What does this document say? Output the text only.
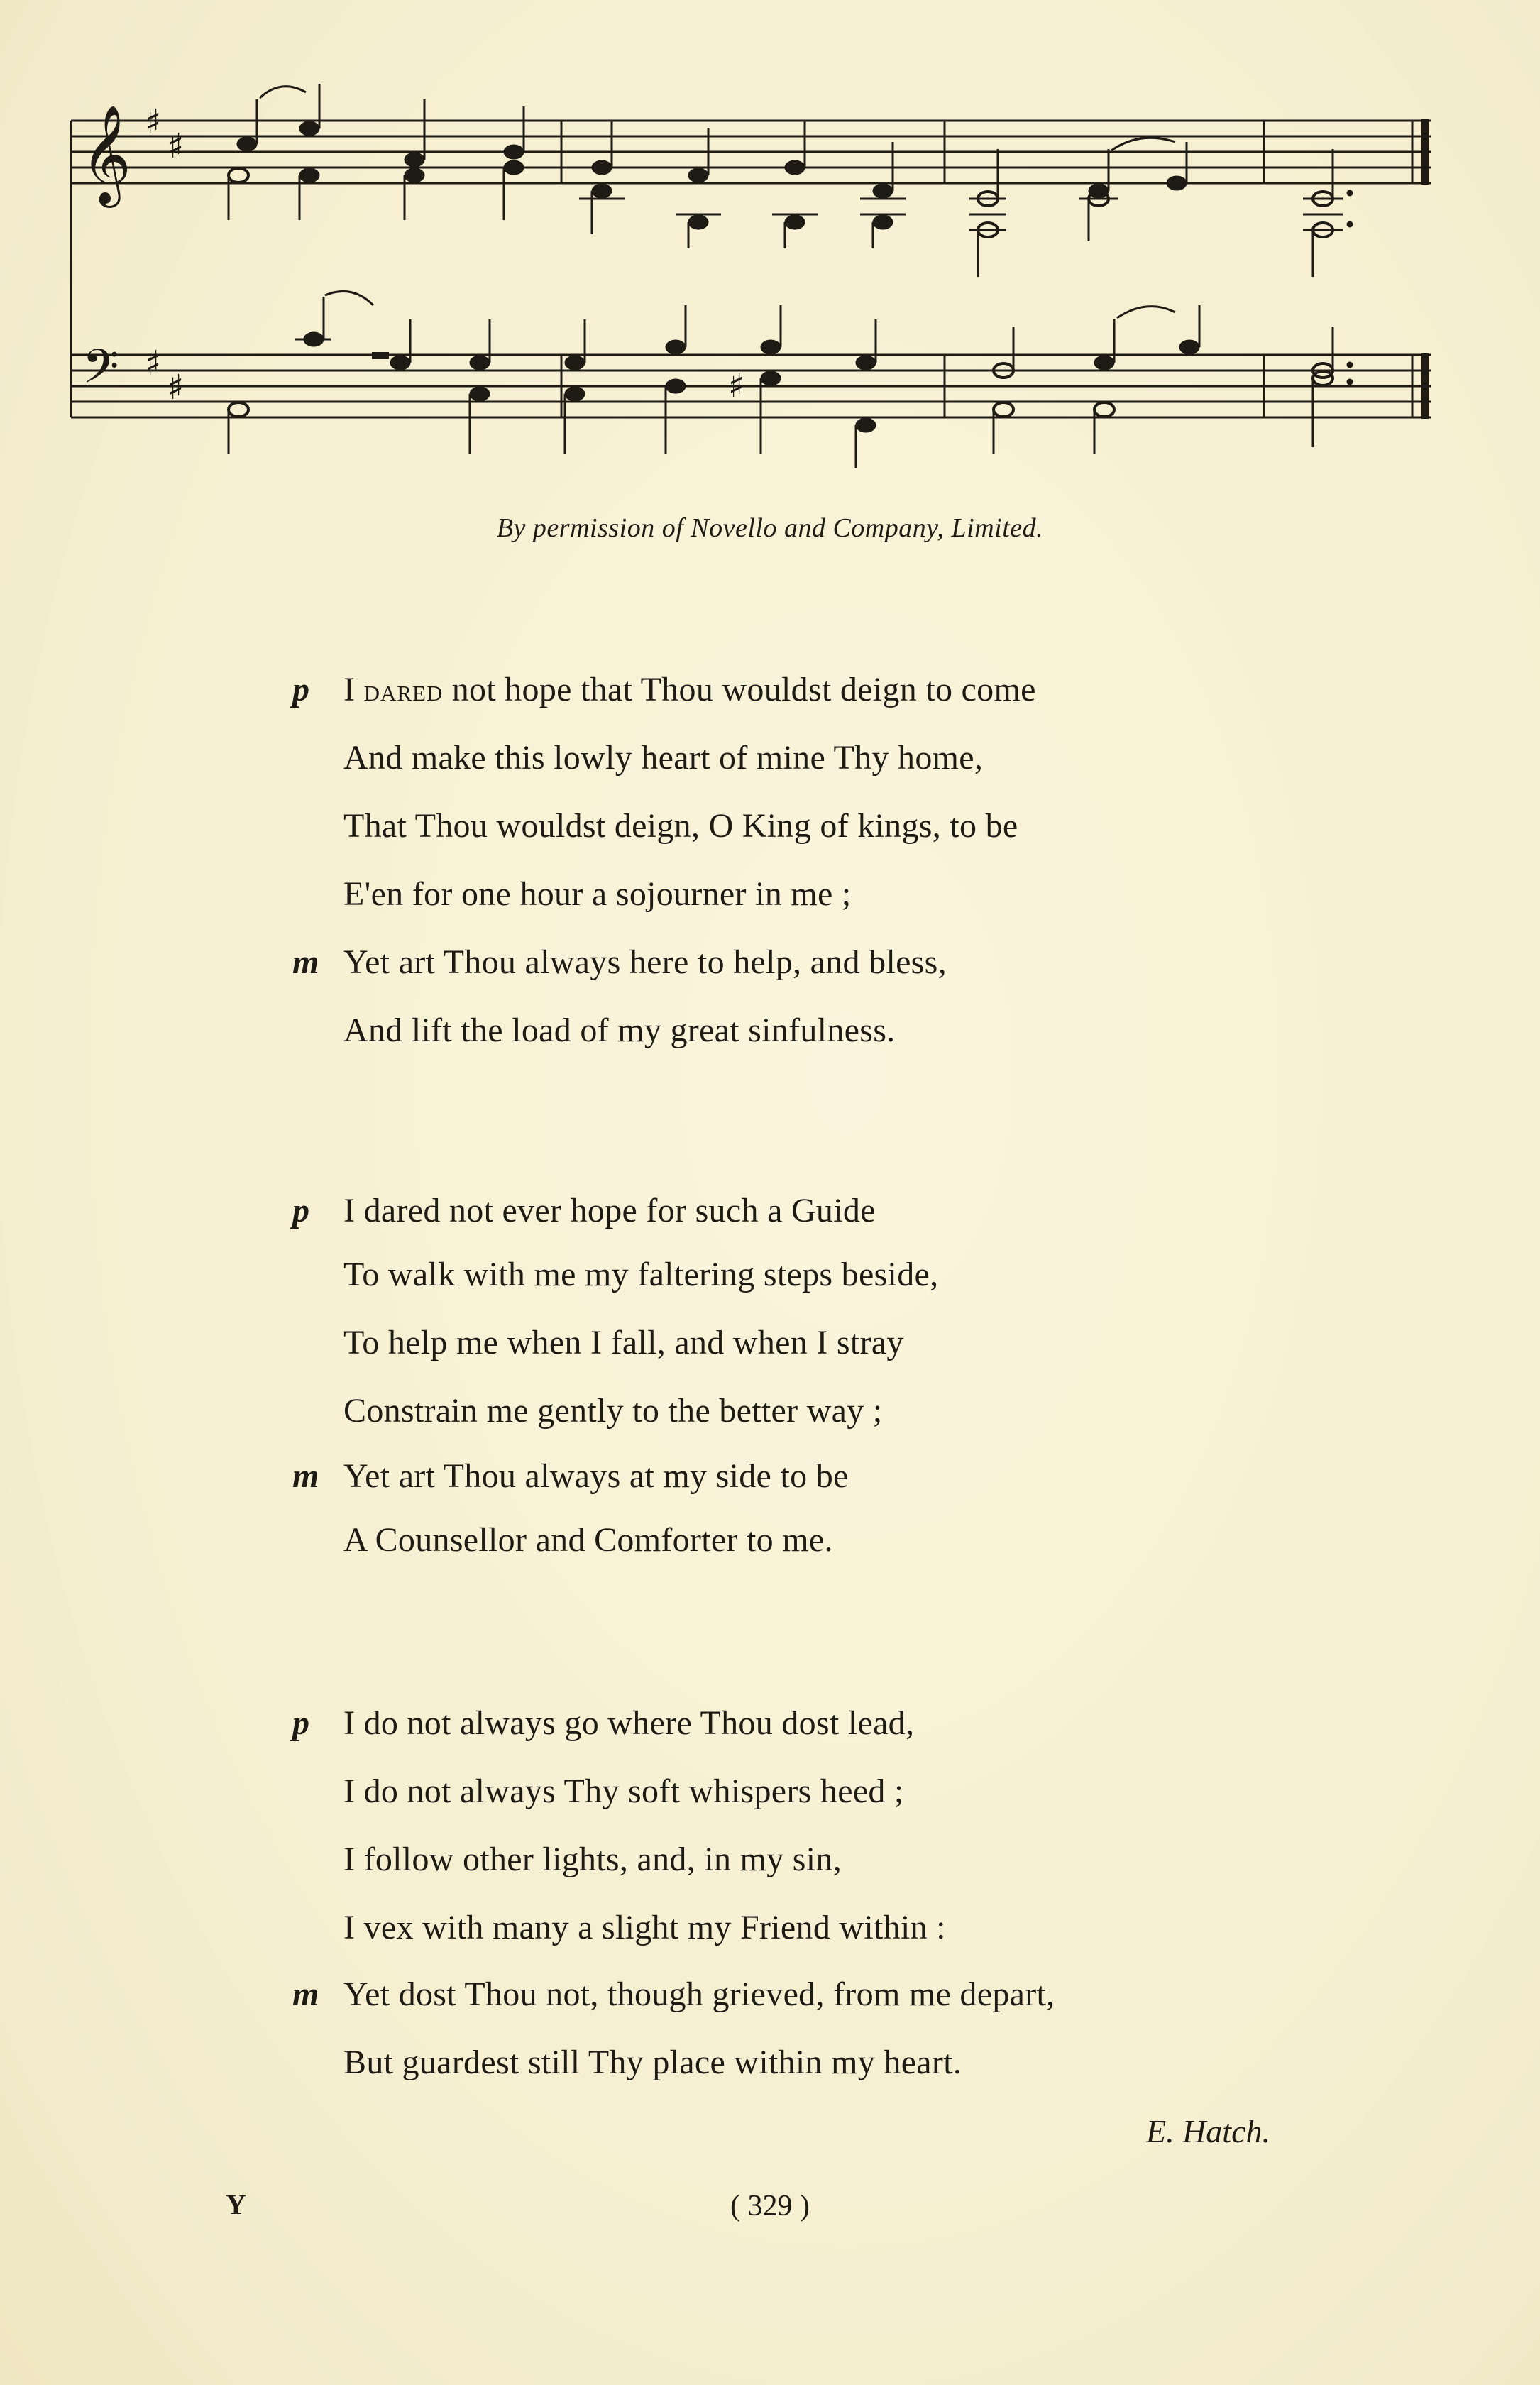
𝄞
𝄢
♯
♯
♯
♯	♯
By permission of Novello and Company, Limited.
p I dared not hope that Thou wouldst deign to come
And make this lowly heart of mine Thy home,
That Thou wouldst deign, O King of kings, to be
E'en for one hour a sojourner in me ;
m Yet art Thou always here to help, and bless,
And lift the load of my great sinfulness.
p I dared not ever hope for such a Guide
To walk with me my faltering steps beside,
To help me when I fall, and when I stray
Constrain me gently to the better way ;
m Yet art Thou always at my side to be
A Counsellor and Comforter to me.
p I do not always go where Thou dost lead,
I do not always Thy soft whispers heed ;
I follow other lights, and, in my sin,
I vex with many a slight my Friend within :
m Yet dost Thou not, though grieved, from me depart,
But guardest still Thy place within my heart.
E. Hatch.
Y	( 329 )
